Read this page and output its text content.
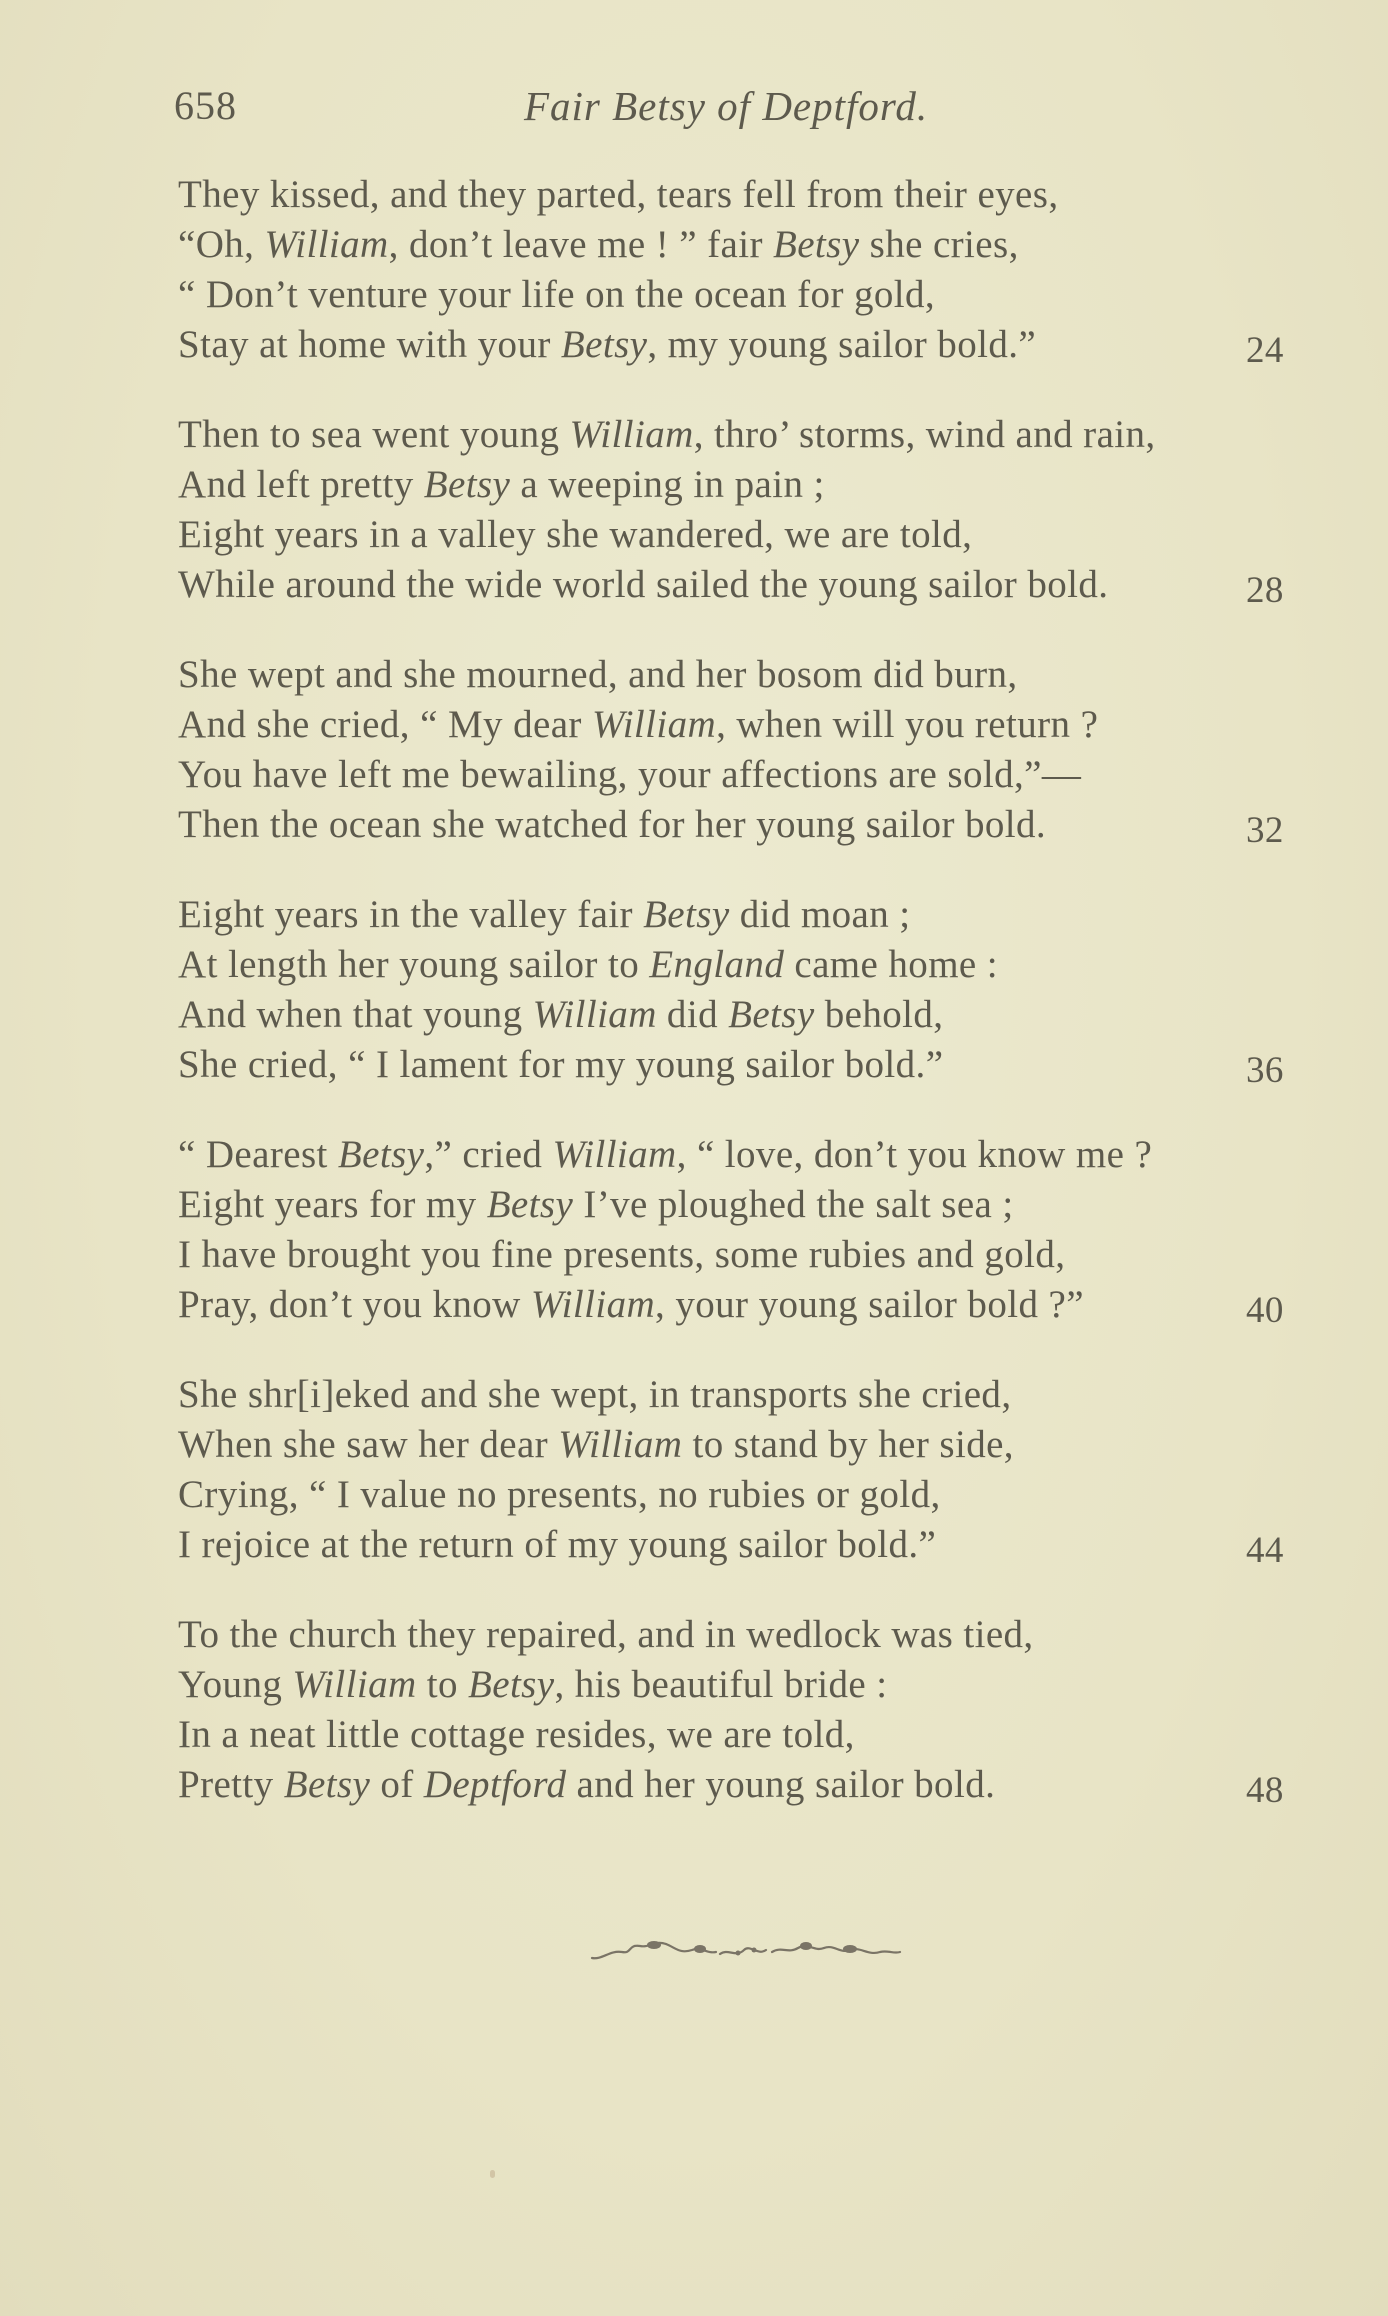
658	Fair Betsy of Deptford.
They kissed, and they parted, tears fell from their eyes,
“Oh, William, don’t leave me ! ” fair Betsy she cries,
“ Don’t venture your life on the ocean for gold,
Stay at home with your Betsy, my young sailor bold.”	24
Then to sea went young William, thro’ storms, wind and rain,
And left pretty Betsy a weeping in pain ;
Eight years in a valley she wandered, we are told,
While around the wide world sailed the young sailor bold.	28
She wept and she mourned, and her bosom did burn,
And she cried, “ My dear William, when will you return ?
You have left me bewailing, your affections are sold,”—
Then the ocean she watched for her young sailor bold.	32
Eight years in the valley fair Betsy did moan ;
At length her young sailor to England came home :
And when that young William did Betsy behold,
She cried, “ I lament for my young sailor bold.”	36
“ Dearest Betsy,” cried William, “ love, don’t you know me ?
Eight years for my Betsy I’ve ploughed the salt sea ;
I have brought you fine presents, some rubies and gold,
Pray, don’t you know William, your young sailor bold ?”	40
She shr[i]eked and she wept, in transports she cried,
When she saw her dear William to stand by her side,
Crying, “ I value no presents, no rubies or gold,
I rejoice at the return of my young sailor bold.”	44
To the church they repaired, and in wedlock was tied,
Young William to Betsy, his beautiful bride :
In a neat little cottage resides, we are told,
Pretty Betsy of Deptford and her young sailor bold.	48
